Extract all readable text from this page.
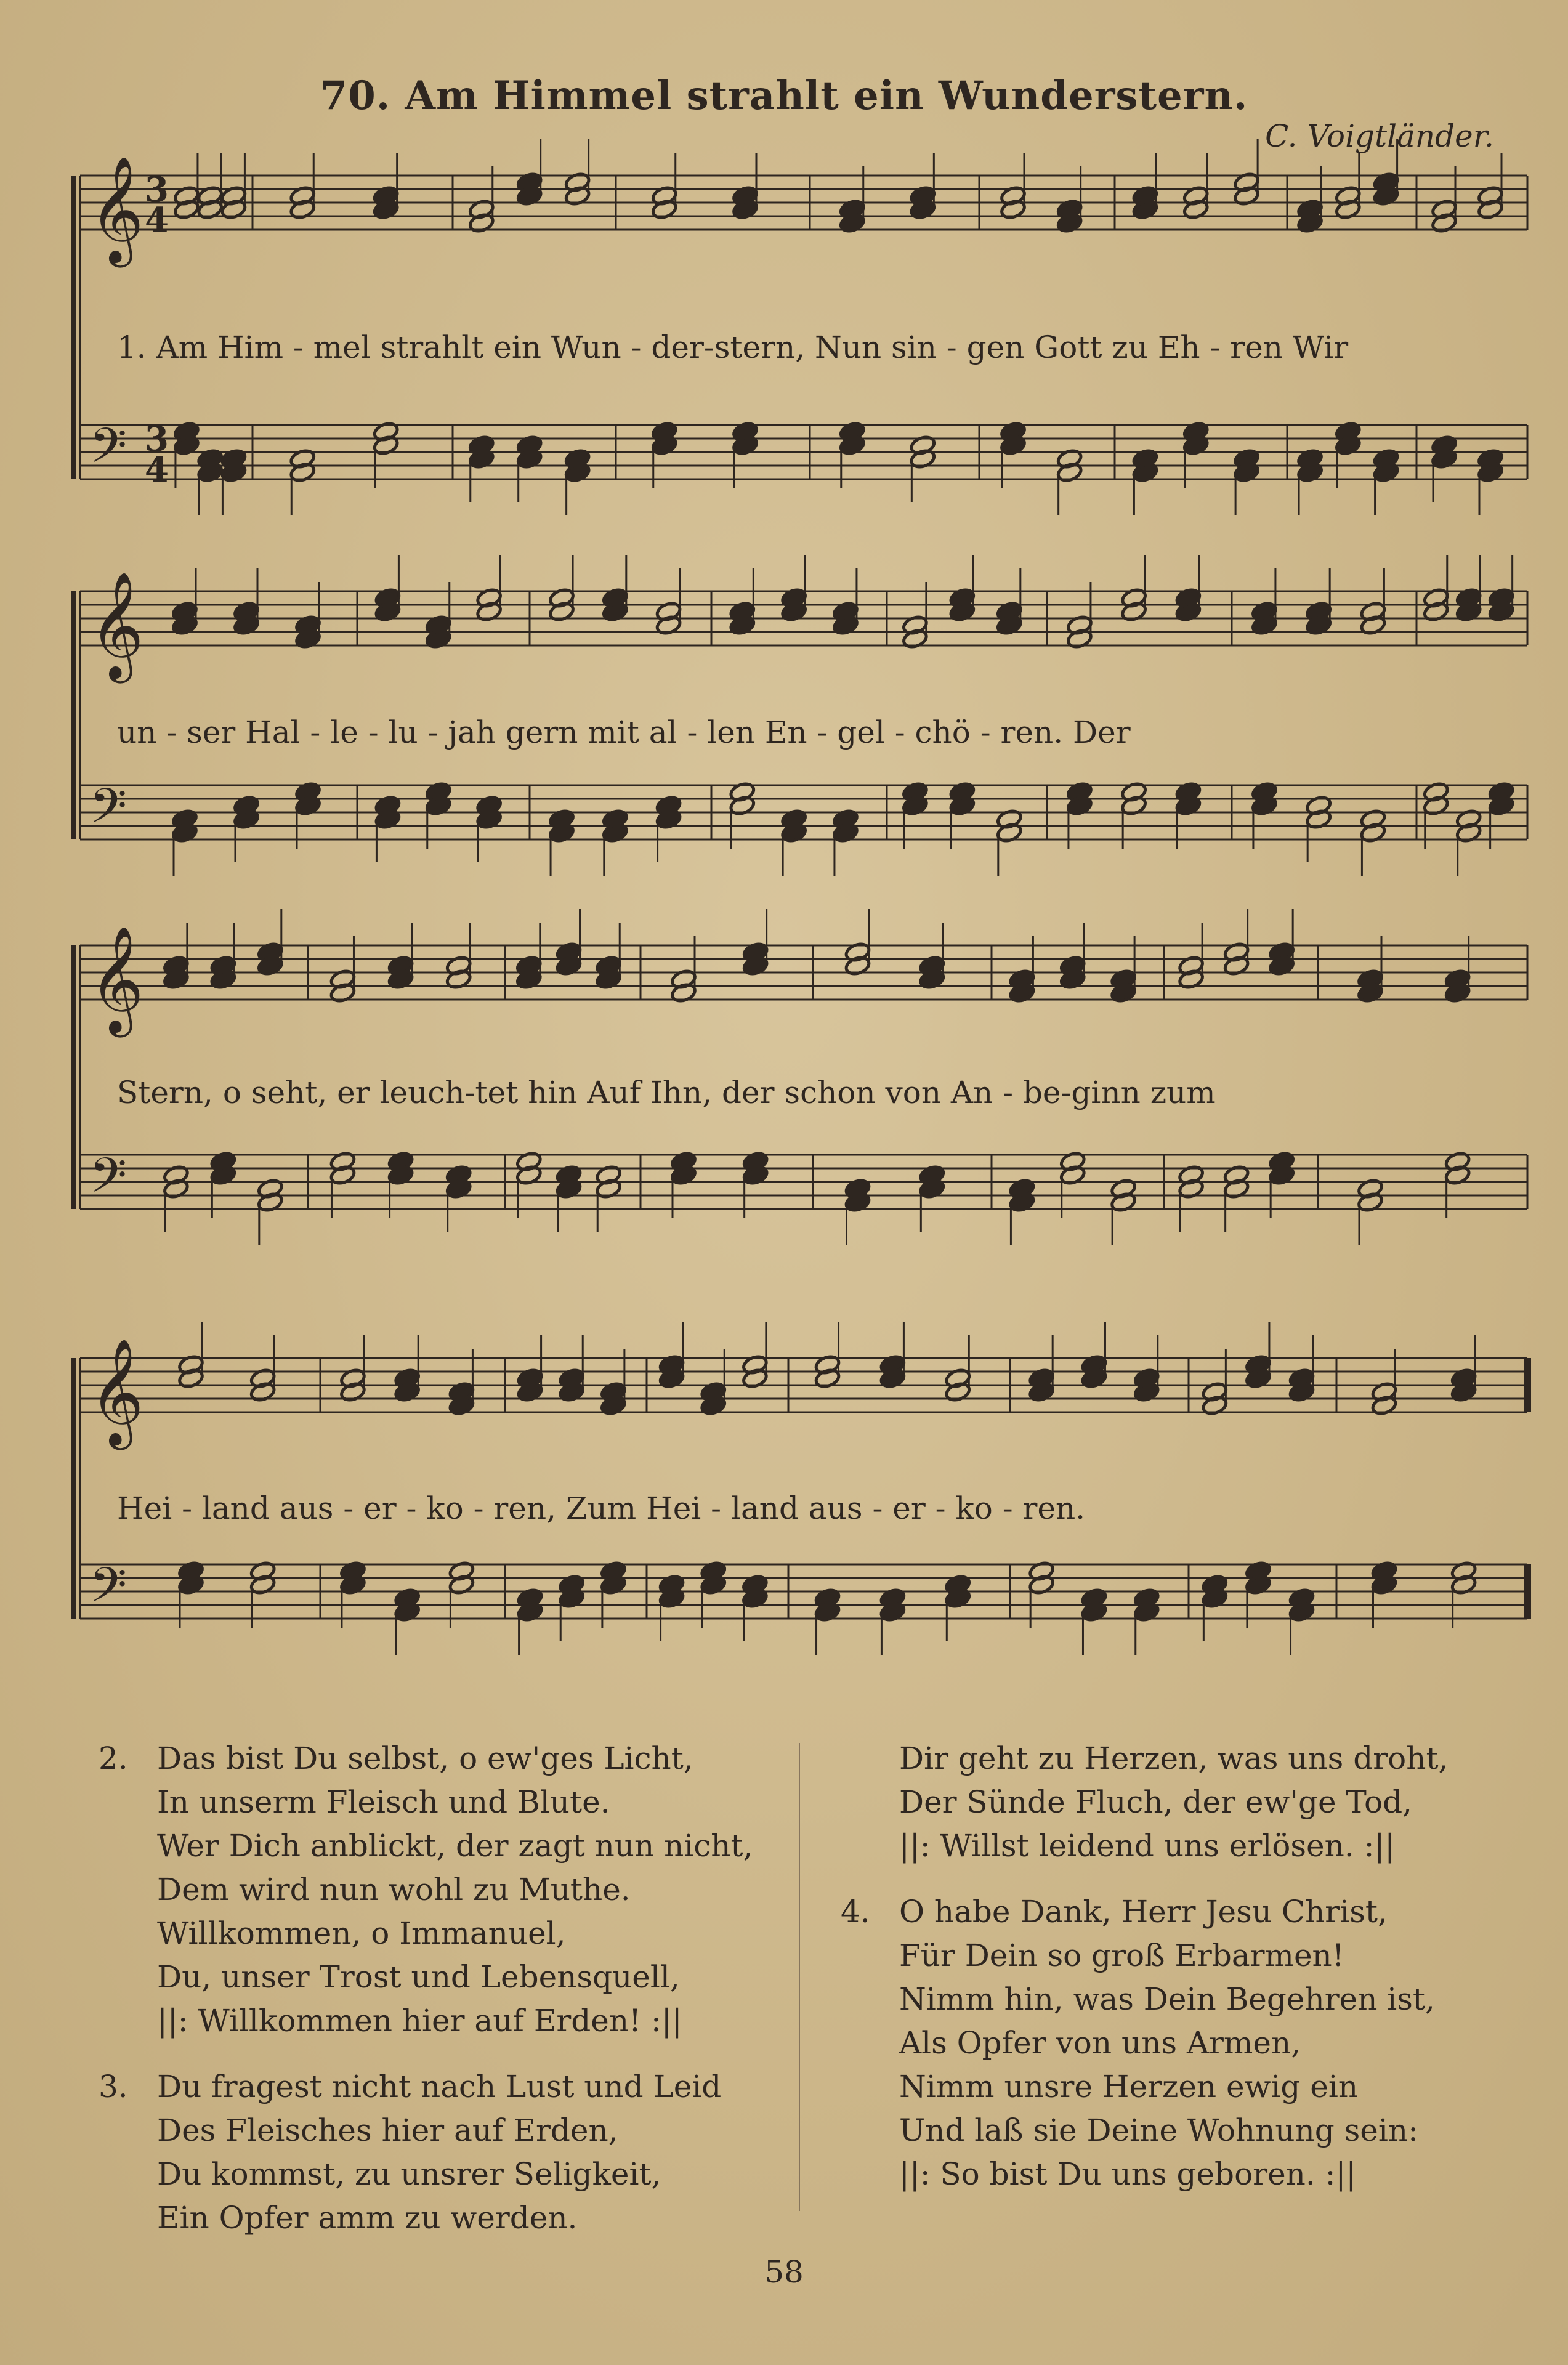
70. Am Himmel strahlt ein Wunderstern.
C. Voigtländer.
𝄞
𝄢
3
4
3
4
𝄞
𝄢
𝄞
𝄢
𝄞
𝄢
1. Am Him - mel strahlt ein Wun - der-stern, Nun sin - gen Gott zu Eh - ren Wir
un - ser Hal - le - lu - jah gern mit al - len En - gel - chö - ren. Der
Stern, o seht, er leuch-tet hin Auf Ihn, der schon von An - be-ginn zum
Hei - land aus - er - ko - ren, Zum Hei - land aus - er - ko - ren.
2. Das bist Du selbst, o ew'ges Licht,
In unserm Fleisch und Blute.
Wer Dich anblickt, der zagt nun nicht,
Dem wird nun wohl zu Muthe.
Willkommen, o Immanuel,
Du, unser Trost und Lebensquell,
||: Willkommen hier auf Erden! :||
3. Du fragest nicht nach Lust und Leid
Des Fleisches hier auf Erden,
Du kommst, zu unsrer Seligkeit,
Ein Opfer amm zu werden.
Dir geht zu Herzen, was uns droht,
Der Sünde Fluch, der ew'ge Tod,
||: Willst leidend uns erlösen. :||
4. O habe Dank, Herr Jesu Christ,
Für Dein so groß Erbarmen!
Nimm hin, was Dein Begehren ist,
Als Opfer von uns Armen,
Nimm unsre Herzen ewig ein
Und laß sie Deine Wohnung sein:
||: So bist Du uns geboren. :||
58
